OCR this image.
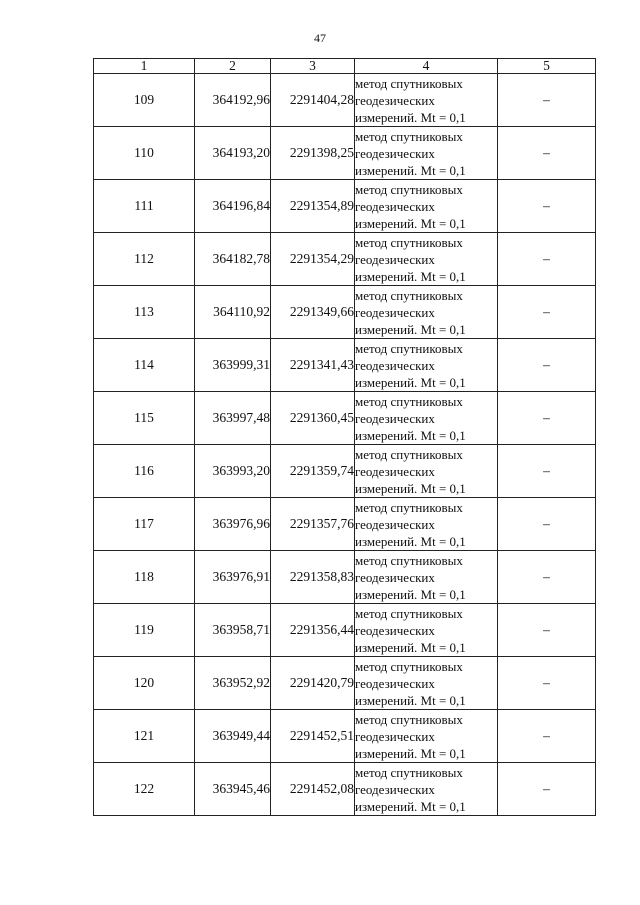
47
1	2	3	4	5
109	364192,96	2291404,28	метод спутниковых
геодезических
измерений. Mt = 0,1	–
110	364193,20	2291398,25	метод спутниковых
геодезических
измерений. Mt = 0,1	–
111	364196,84	2291354,89	метод спутниковых
геодезических
измерений. Mt = 0,1	–
112	364182,78	2291354,29	метод спутниковых
геодезических
измерений. Mt = 0,1	–
113	364110,92	2291349,66	метод спутниковых
геодезических
измерений. Mt = 0,1	–
114	363999,31	2291341,43	метод спутниковых
геодезических
измерений. Mt = 0,1	–
115	363997,48	2291360,45	метод спутниковых
геодезических
измерений. Mt = 0,1	–
116	363993,20	2291359,74	метод спутниковых
геодезических
измерений. Mt = 0,1	–
117	363976,96	2291357,76	метод спутниковых
геодезических
измерений. Mt = 0,1	–
118	363976,91	2291358,83	метод спутниковых
геодезических
измерений. Mt = 0,1	–
119	363958,71	2291356,44	метод спутниковых
геодезических
измерений. Mt = 0,1	–
120	363952,92	2291420,79	метод спутниковых
геодезических
измерений. Mt = 0,1	–
121	363949,44	2291452,51	метод спутниковых
геодезических
измерений. Mt = 0,1	–
122	363945,46	2291452,08	метод спутниковых
геодезических
измерений. Mt = 0,1	–
